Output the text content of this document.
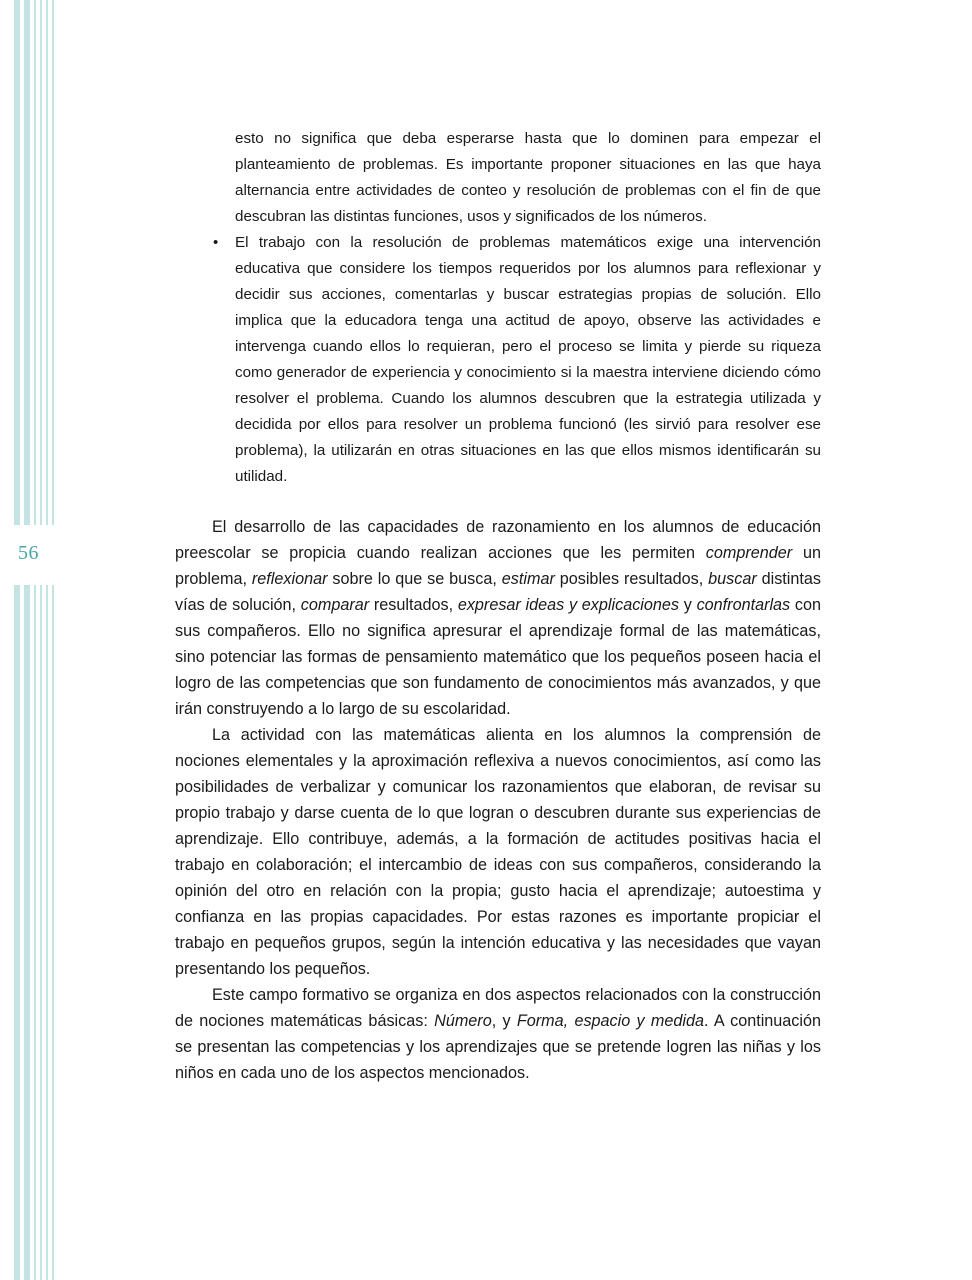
56

esto no significa que deba esperarse hasta que lo dominen para empezar el planteamiento de problemas. Es importante proponer situaciones en las que haya alternancia entre actividades de conteo y resolución de problemas con el fin de que descubran las distintas funciones, usos y significados de los números.

• El trabajo con la resolución de problemas matemáticos exige una intervención educativa que considere los tiempos requeridos por los alumnos para reflexionar y decidir sus acciones, comentarlas y buscar estrategias propias de solución. Ello implica que la educadora tenga una actitud de apoyo, observe las actividades e intervenga cuando ellos lo requieran, pero el proceso se limita y pierde su riqueza como generador de experiencia y conocimiento si la maestra interviene diciendo cómo resolver el problema. Cuando los alumnos descubren que la estrategia utilizada y decidida por ellos para resolver un problema funcionó (les sirvió para resolver ese problema), la utilizarán en otras situaciones en las que ellos mismos identificarán su utilidad.

El desarrollo de las capacidades de razonamiento en los alumnos de educación preescolar se propicia cuando realizan acciones que les permiten comprender un problema, reflexionar sobre lo que se busca, estimar posibles resultados, buscar distintas vías de solución, comparar resultados, expresar ideas y explicaciones y confrontarlas con sus compañeros. Ello no significa apresurar el aprendizaje formal de las matemáticas, sino potenciar las formas de pensamiento matemático que los pequeños poseen hacia el logro de las competencias que son fundamento de conocimientos más avanzados, y que irán construyendo a lo largo de su escolaridad.

La actividad con las matemáticas alienta en los alumnos la comprensión de nociones elementales y la aproximación reflexiva a nuevos conocimientos, así como las posibilidades de verbalizar y comunicar los razonamientos que elaboran, de revisar su propio trabajo y darse cuenta de lo que logran o descubren durante sus experiencias de aprendizaje. Ello contribuye, además, a la formación de actitudes positivas hacia el trabajo en colaboración; el intercambio de ideas con sus compañeros, considerando la opinión del otro en relación con la propia; gusto hacia el aprendizaje; autoestima y confianza en las propias capacidades. Por estas razones es importante propiciar el trabajo en pequeños grupos, según la intención educativa y las necesidades que vayan presentando los pequeños.

Este campo formativo se organiza en dos aspectos relacionados con la construcción de nociones matemáticas básicas: Número, y Forma, espacio y medida. A continuación se presentan las competencias y los aprendizajes que se pretende logren las niñas y los niños en cada uno de los aspectos mencionados.
